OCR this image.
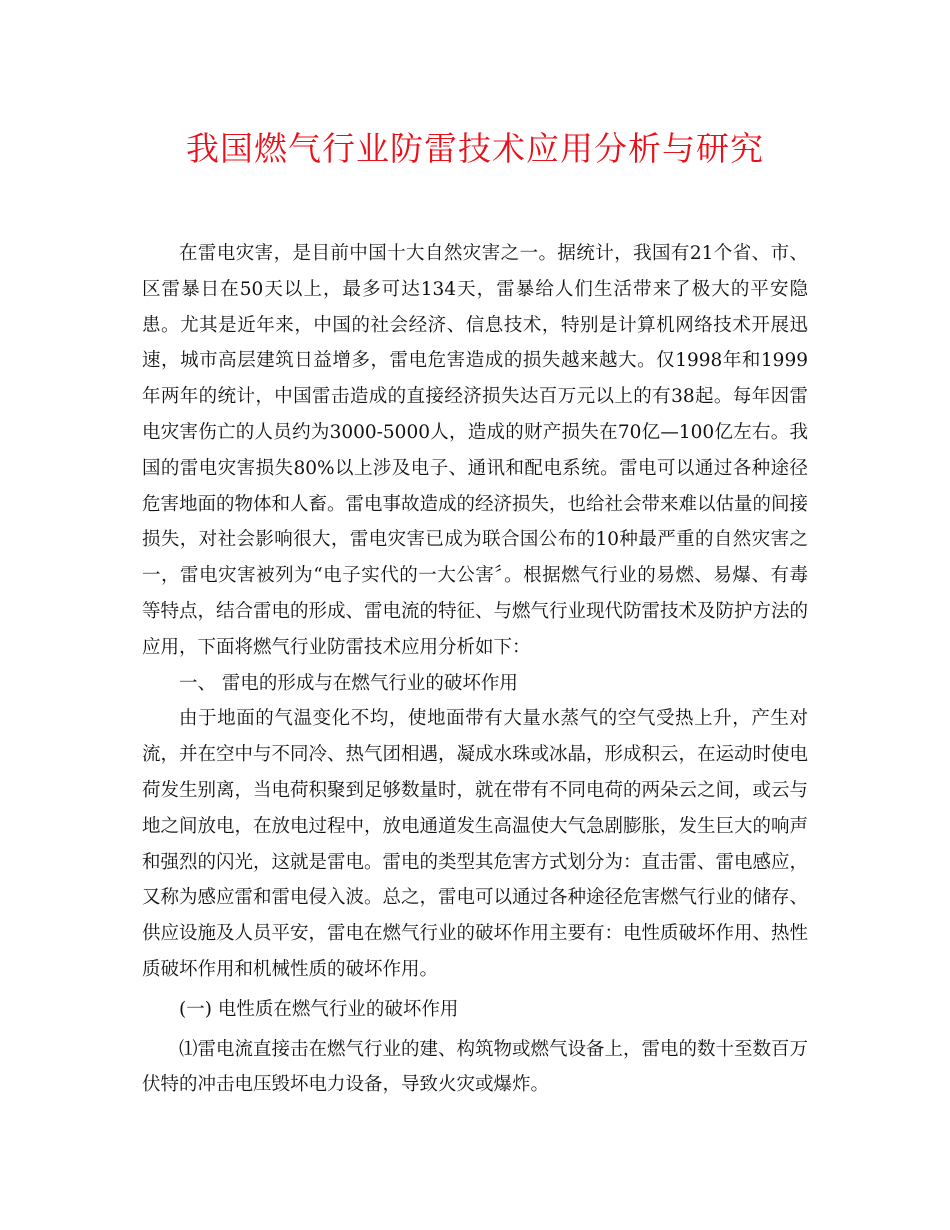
我国燃气行业防雷技术应用分析与研究

在雷电灾害，是目前中国十大自然灾害之一。据统计，我国有21个省、市、区雷暴日在50天以上，最多可达134天，雷暴给人们生活带来了极大的平安隐患。尤其是近年来，中国的社会经济、信息技术，特别是计算机网络技术开展迅速，城市高层建筑日益增多，雷电危害造成的损失越来越大。仅1998年和1999年两年的统计，中国雷击造成的直接经济损失达百万元以上的有38起。每年因雷电灾害伤亡的人员约为3000-5000人，造成的财产损失在70亿—100亿左右。我国的雷电灾害损失80%以上涉及电子、通讯和配电系统。雷电可以通过各种途径危害地面的物体和人畜。雷电事故造成的经济损失，也给社会带来难以估量的间接损失，对社会影响很大，雷电灾害已成为联合国公布的10种最严重的自然灾害之一，雷电灾害被列为“电子实代的一大公害〞。根据燃气行业的易燃、易爆、有毒等特点，结合雷电的形成、雷电流的特征、与燃气行业现代防雷技术及防护方法的应用，下面将燃气行业防雷技术应用分析如下：

一、 雷电的形成与在燃气行业的破坏作用

由于地面的气温变化不均，使地面带有大量水蒸气的空气受热上升，产生对流，并在空中与不同冷、热气团相遇，凝成水珠或冰晶，形成积云，在运动时使电荷发生别离，当电荷积聚到足够数量时，就在带有不同电荷的两朵云之间，或云与地之间放电，在放电过程中，放电通道发生高温使大气急剧膨胀，发生巨大的响声和强烈的闪光，这就是雷电。雷电的类型其危害方式划分为：直击雷、雷电感应，又称为感应雷和雷电侵入波。总之，雷电可以通过各种途径危害燃气行业的储存、供应设施及人员平安，雷电在燃气行业的破坏作用主要有：电性质破坏作用、热性质破坏作用和机械性质的破坏作用。

(一) 电性质在燃气行业的破坏作用

⑴雷电流直接击在燃气行业的建、构筑物或燃气设备上，雷电的数十至数百万伏特的冲击电压毁坏电力设备，导致火灾或爆炸。
